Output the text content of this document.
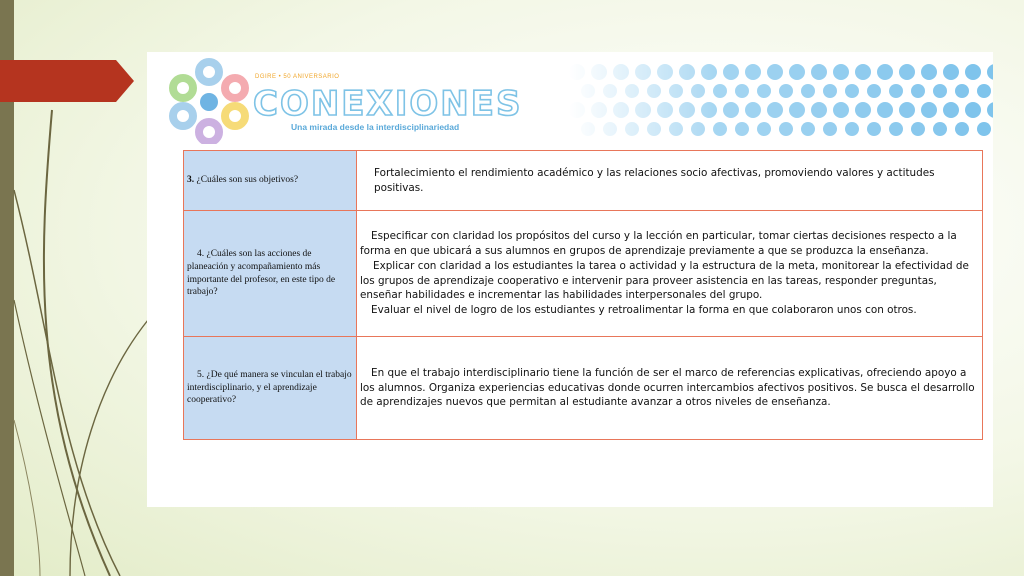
DGIRE • 50 ANIVERSARIO
CONEXIONES
Una mirada desde la interdisciplinariedad
3. ¿Cuáles son sus objetivos?	Fortalecimiento el rendimiento académico y las relaciones socio afectivas, promoviendo valores y actitudes positivas.

4. ¿Cuáles son las acciones de planeación y acompañamiento más importante del profesor, en este tipo de trabajo?	Especificar con claridad los propósitos del curso y la lección en particular, tomar ciertas decisiones respecto a la forma en que ubicará a sus alumnos en grupos de aprendizaje previamente a que se produzca la enseñanza.

Explicar con claridad a los estudiantes la tarea o actividad y la estructura de la meta, monitorear la efectividad de los grupos de aprendizaje cooperativo e intervenir para proveer asistencia en las tareas, responder preguntas, enseñar habilidades e incrementar las habilidades interpersonales del grupo.

Evaluar el nivel de logro de los estudiantes y retroalimentar la forma en que colaboraron unos con otros.

5. ¿De qué manera se vinculan el trabajo interdisciplinario, y el aprendizaje cooperativo?	En que el trabajo interdisciplinario tiene la función de ser el marco de referencias explicativas, ofreciendo apoyo a los alumnos. Organiza experiencias educativas donde ocurren intercambios afectivos positivos. Se busca el desarrollo de aprendizajes nuevos que permitan al estudiante avanzar a otros niveles de enseñanza.
